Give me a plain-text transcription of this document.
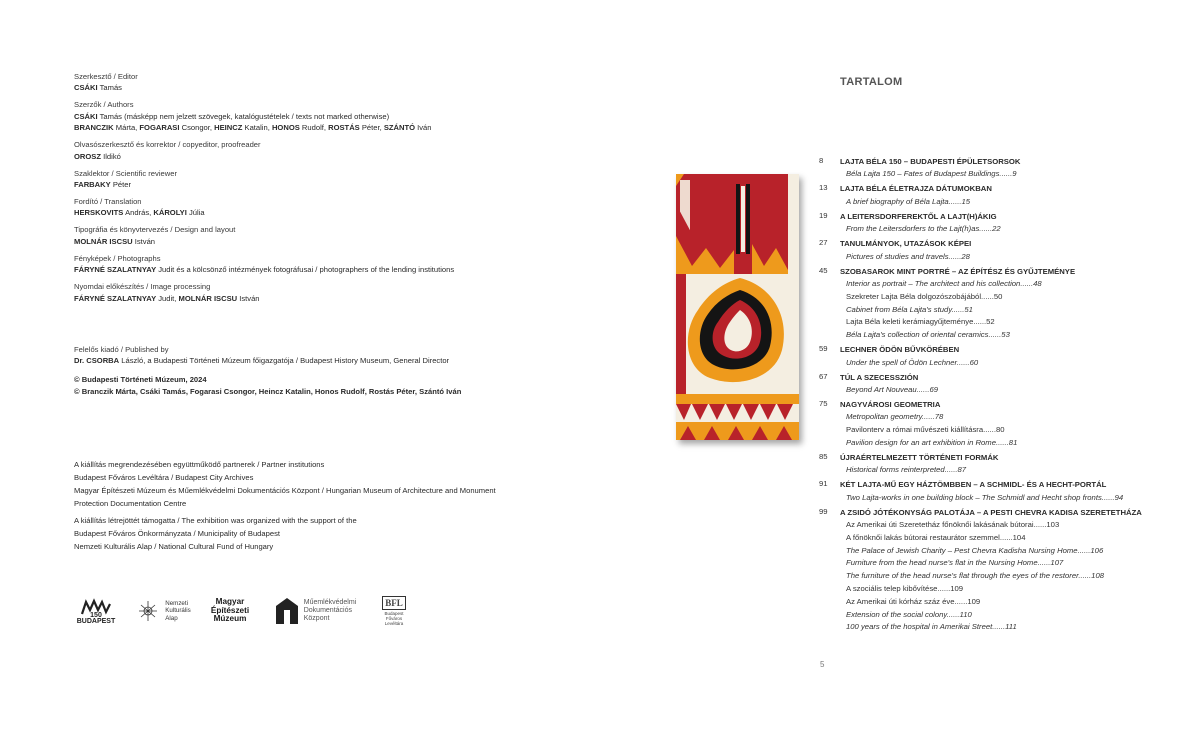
Szerkesztő / Editor
CSÁKI Tamás
Szerzők / Authors
CSÁKI Tamás (másképp nem jelzett szövegek, katalógustételek / texts not marked otherwise)
BRANCZIK Márta, FOGARASI Csongor, HEINCZ Katalin, HONOS Rudolf, ROSTÁS Péter, SZÁNTÓ Iván
Olvasószerkesztő és korrektor / copyeditor, proofreader
OROSZ Ildikó
Szaklektor / Scientific reviewer
FARBAKY Péter
Fordító / Translation
HERSKOVITS András, KÁROLYI Júlia
Tipográfia és könyvtervezés / Design and layout
MOLNÁR ISCSU István
Fényképek / Photographs
FÁRYNÉ SZALATNYAY Judit és a kölcsönző intézmények fotográfusai / photographers of the lending institutions
Nyomdai előkészítés / Image processing
FÁRYNÉ SZALATNYAY Judit, MOLNÁR ISCSU István
Felelős kiadó / Published by
Dr. CSORBA László, a Budapesti Történeti Múzeum főigazgatója / Budapest History Museum, General Director
© Budapesti Történeti Múzeum, 2024
© Branczik Márta, Csáki Tamás, Fogarasi Csongor, Heincz Katalin, Honos Rudolf, Rostás Péter, Szántó Iván
A kiállítás megrendezésében együttműködő partnerek / Partner institutions
Budapest Főváros Levéltára / Budapest City Archives
Magyar Építészeti Múzeum és Műemlékvédelmi Dokumentációs Központ / Hungarian Museum of Architecture and Monument
Protection Documentation Centre
A kiállítás létrejöttét támogatta / The exhibition was organized with the support of the
Budapest Főváros Önkormányzata / Municipality of Budapest
Nemzeti Kulturális Alap / National Cultural Fund of Hungary
150
BUDAPEST
Nemzeti
Kulturális
Alap
Magyar
Építészeti
Múzeum
Műemlékvédelmi
Dokumentációs
Központ
BFL
Budapest
Főváros
Levéltára
TARTALOM
8	LAJTA BÉLA 150 – BUDAPESTI ÉPÜLETSORSOK
Béla Lajta 150 – Fates of Budapest Buildings......9
13	LAJTA BÉLA ÉLETRAJZA DÁTUMOKBAN
A brief biography of Béla Lajta......15
19	A LEITERSDORFEREKTŐL A LAJT(H)ÁKIG
From the Leitersdorfers to the Lajt(h)as......22
27	TANULMÁNYOK, UTAZÁSOK KÉPEI
Pictures of studies and travels......28
45	SZOBASAROK MINT PORTRÉ – AZ ÉPÍTÉSZ ÉS GYŰJTEMÉNYE
Interior as portrait – The architect and his collection......48
Szekreter Lajta Béla dolgozószobájából......50
Cabinet from Béla Lajta's study......51
Lajta Béla keleti kerámiagyűjteménye......52
Béla Lajta's collection of oriental ceramics......53
59	LECHNER ÖDÖN BŰVKÖRÉBEN
Under the spell of Ödön Lechner......60
67	TÚL A SZECESSZIÓN
Beyond Art Nouveau......69
75	NAGYVÁROSI GEOMETRIA
Metropolitan geometry......78
Pavilonterv a római művészeti kiállításra......80
Pavilion design for an art exhibition in Rome......81
85	ÚJRAÉRTELMEZETT TÖRTÉNETI FORMÁK
Historical forms reinterpreted......87
91	KÉT LAJTA-MŰ EGY HÁZTÖMBBEN – A SCHMIDL- ÉS A HECHT-PORTÁL
Two Lajta-works in one building block – The Schmidl and Hecht shop fronts......94
99	A ZSIDÓ JÓTÉKONYSÁG PALOTÁJA – A PESTI CHEVRA KADISA SZERETETHÁZA
Az Amerikai úti Szeretetház főnöknői lakásának bútorai......103
A főnöknői lakás bútorai restaurátor szemmel......104
The Palace of Jewish Charity – Pest Chevra Kadisha Nursing Home......106
Furniture from the head nurse's flat in the Nursing Home......107
The furniture of the head nurse's flat through the eyes of the restorer......108
A szociális telep kibővítése......109
Az Amerikai úti kórház száz éve......109
Extension of the social colony......110
100 years of the hospital in Amerikai Street......111
5
